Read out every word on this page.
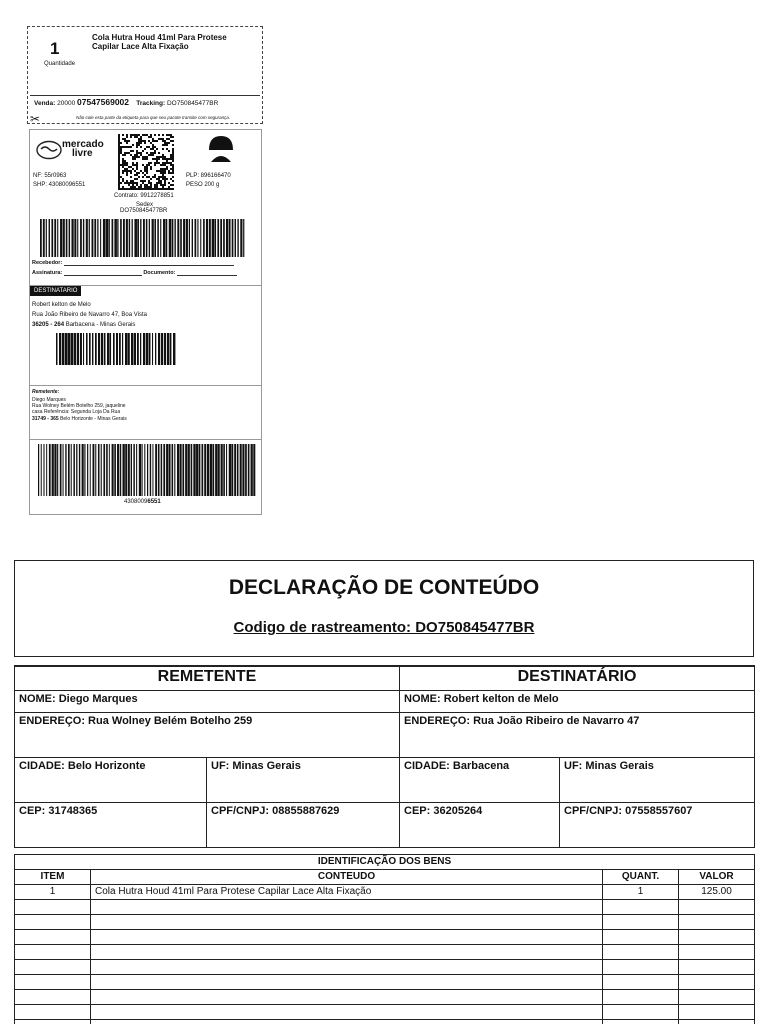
1
Quantidade
Cola Hutra Houd 41ml Para Protese Capilar Lace Alta Fixação
Venda: 20000 07547569002 Tracking: DO750845477BR
✂	Não cole esta parte da etiqueta para que seu pacote transite com segurança.
mercado
livre
NF: 55r0963
SHP: 43080096551
PLP: 896166470
PESO 200 g
Contrato: 9912278851
Sedex
DO750845477BR
Recebedor:
Assinatura:	Documento:
DESTINATARIO
Robert kelton de Melo
Rua João Ribeiro de Navarro 47, Boa Vista
36205 - 264 Barbacena - Minas Gerais
Remetente:
Diego Marques
Rua Wolney Belém Botelho 259, jaqueline
casa Referência: Segunda Loja Da Rua
31749 - 365 Belo Horizonte - Minas Gerais
43080096551
DECLARAÇÃO DE CONTEÚDO
Codigo de rastreamento: DO750845477BR
REMETENTE		DESTINATÁRIO	
NOME: Diego Marques		NOME: Robert kelton de Melo	
ENDEREÇO: Rua Wolney Belém Botelho 259		ENDEREÇO: Rua João Ribeiro de Navarro 47	
CIDADE: Belo Horizonte	UF: Minas Gerais	CIDADE: Barbacena	UF: Minas Gerais
CEP: 31748365	CPF/CNPJ: 08855887629	CEP: 36205264	CPF/CNPJ: 07558557607
IDENTIFICAÇÃO DOS BENS			
ITEM	CONTEUDO	QUANT.	VALOR
1	Cola Hutra Houd 41ml Para Protese Capilar Lace Alta Fixação	1	125.00
